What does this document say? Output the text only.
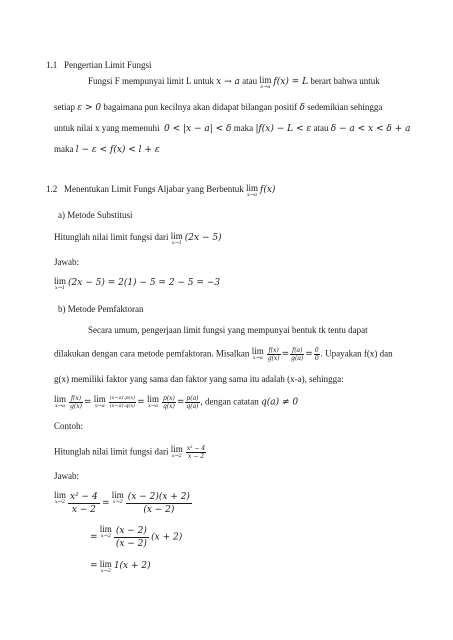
1.1 Pengertian Limit Fungsi
Fungsi F mempunyai limit L untuk x → a atau lim
x→a f(x) = L berart bahwa untuk
setiap ε > 0 bagaimana pun kecilnya akan didapat bilangan positif δ sedemikian sehingga
untuk nilai x yang memenuhi 0 < |x − a| < δ maka |f(x) − L < ε atau δ − a < x < δ + a
maka l − ε < f(x) < l + ε
1.2 Menentukan Limit Fungs Aljabar yang Berbentuk lim
x→a f(x)
a) Metode Substitusi
Hitunglah nilai limit fungsi dari lim
x→1 (2x − 5)
Jawab:
lim
x→1 (2x − 5) = 2(1) − 5 = 2 − 5 = −3
b) Metode Pemfaktoran
Secara umum, pengerjaan limit fungsi yang mempunyai bentuk tk tentu dapat
dilakukan dengan cara metode pemfaktoran. Misalkan lim
$x\to a \frac{f(x)}{g(x)} = \frac{f(a)}{g(a)} = \frac{0}{0}$ . Upayakan f(x) dan
g(x) memiliki faktor yang sama dan faktor yang sama itu adalah (x-a), sehingga:
lim
$x\to a \frac{f(x)}{g(x)} = \lim$
$x\to a \frac{(x-a).p(x)}{(x-a).q(x)} = \lim$
$x\to a \frac{p(x)}{q(x)} = \frac{p(a)}{q(a)}$ , dengan catatan q(a) ≠ 0
Contoh:
Hitunglah nilai limit fungsi dari lim
$x\to 2 \frac{\text{x² − 4}}{x - 2}$
Jawab:
lim
$x\to 2 \frac{\text{x² − 4}}{x - 2} = \lim$
$x\to 2 \frac{(x - 2)(x + 2)}{(x - 2)}$
= lim
$x\to 2 \frac{(x - 2)}{(x - 2)} (x + 2)$
= lim
x→2 1(x + 2)
